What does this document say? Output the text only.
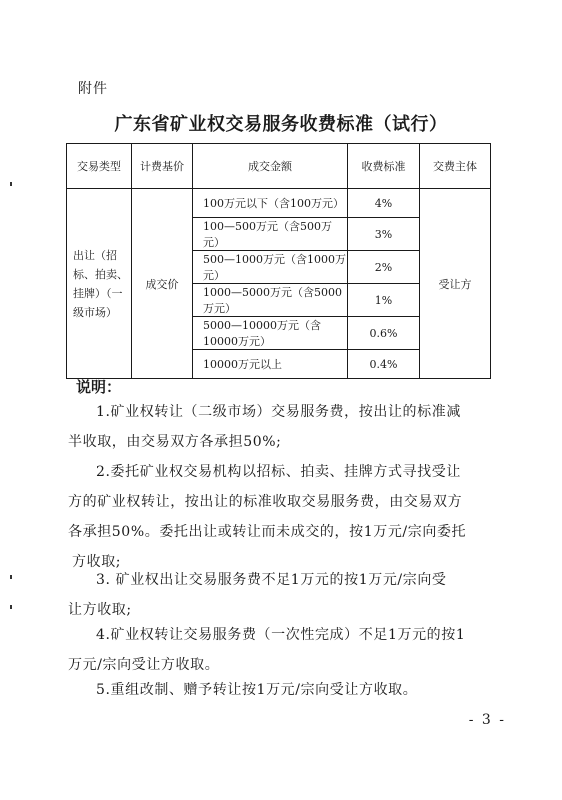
附件
广东省矿业权交易服务收费标准（试行）
交易类型	计费基价	成交金额	收费标准	交费主体
出让（招标、拍卖、挂牌）（一级市场）	成交价	100万元以下（含100万元）	4%	受让方
		100—500万元（含500万元）	3%	
		500—1000万元（含1000万元）	2%	
		1000—5000万元（含5000万元）	1%	
		5000—10000万元（含10000万元）	0.6%	
		10000万元以上	0.4%	
说明：
1.矿业权转让（二级市场）交易服务费，按出让的标准减
半收取，由交易双方各承担50%;
2.委托矿业权交易机构以招标、拍卖、挂牌方式寻找受让
方的矿业权转让，按出让的标准收取交易服务费，由交易双方
各承担50%。委托出让或转让而未成交的，按1万元/宗向委托
方收取;
3. 矿业权出让交易服务费不足1万元的按1万元/宗向受
让方收取;
4.矿业权转让交易服务费（一次性完成）不足1万元的按1
万元/宗向受让方收取。
5.重组改制、赠予转让按1万元/宗向受让方收取。
- 3 -
